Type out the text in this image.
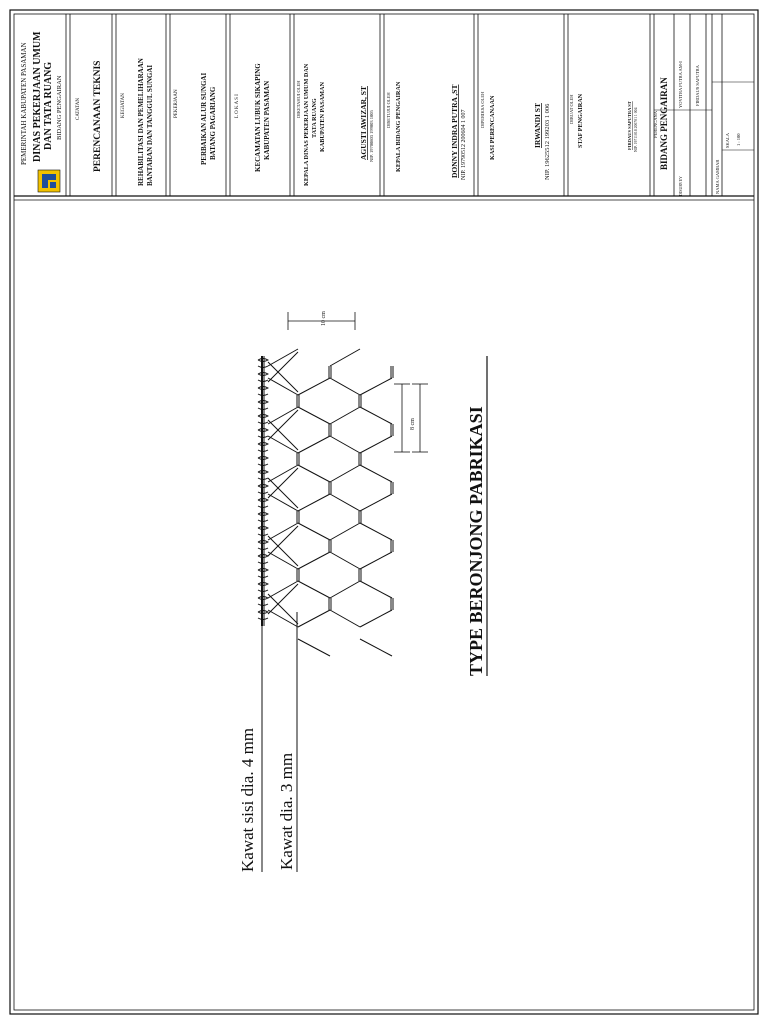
PEMERINTAH KABUPATEN PASAMAN DINAS PEKERJAAN UMUM DAN TATA RUANG BIDANG PENGAIRAN	CATATAN PERENCANAAN TEKNIS	KEGIATAN REHABILITASI DAN PEMELIHARAAN BANTARAN DAN TANGGUL SUNGAI	PEKERJAAN	PERBAIKAN ALUR SUNGAI BATANG PAGARIANG	L O K A S I KECAMATAN LUBUK SIKAPING KABUPATEN PASAMAN	DIKETAHUI OLEH KEPALA DINAS PEKERJAAN UMUM DAN TATA RUANG KABUPATEN PASAMAN	AGUSTI AWIZAR, ST NIP. 19700803 199003 1005
DISETUJUI OLEH KEPALA BIDANG PENGAIRAN	DONNY INDRA PUTRA ,ST NIP. 19790512 200604 1 007	DIPERIKSA OLEH KASI PERENCANAAN	IRWANDI ST NIP. 19625512 199203 1 006	DIBUAT OLEH STAF PENGAIRAN	FIRDAUS SAPUTRA ST NIP. 19711018 200701 1 004	PERENCANA BIDANG PENGAIRAN
DISURVEY
YOVITRA PUTRA AM-I	FIRDAUS SAPUTRA
NAMA GAMBAR
SKALA 1 : 100
10 cm
8 cm
Kawat sisi dia. 4 mm Kawat dia. 3 mm
TYPE BERONJONG PABRIKASI
